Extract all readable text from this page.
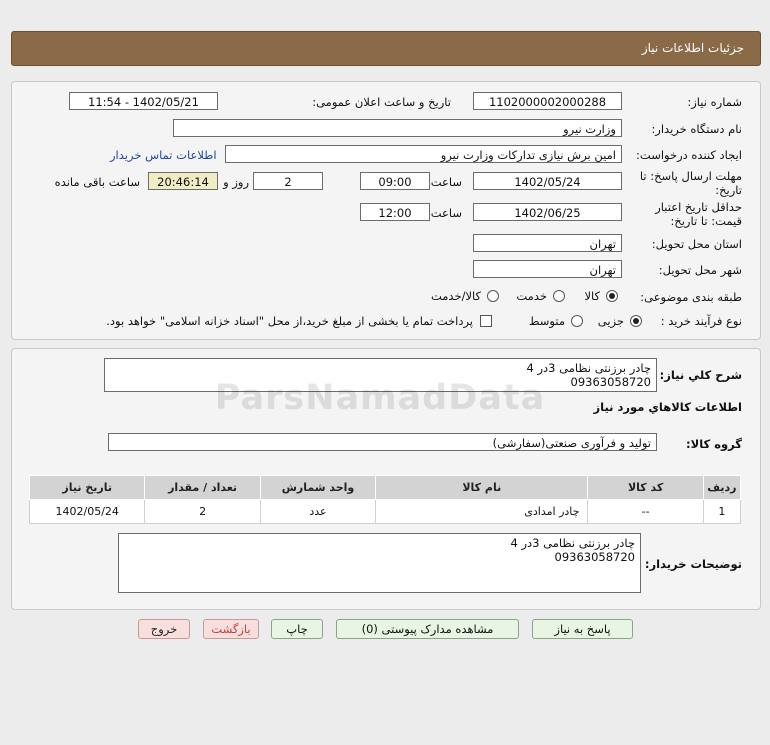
جزئیات اطلاعات نیاز
شماره نیاز:
1102000002000288
تاریخ و ساعت اعلان عمومی:
1402/05/21 - 11:54
نام دستگاه خریدار:
وزارت نیرو
ایجاد کننده درخواست:
امین برش نیازی تدارکات وزارت نیرو
اطلاعات تماس خریدار
مهلت ارسال پاسخ: تا
تاریخ:
1402/05/24
ساعت
09:00
2
روز و
20:46:14
ساعت باقی مانده
حداقل تاریخ اعتبار
قیمت: تا تاریخ:
1402/06/25
ساعت
12:00
استان محل تحویل:
تهران
شهر محل تحویل:
تهران
طبقه بندی موضوعی:
کالا
خدمت
کالا/خدمت
نوع فرآیند خرید :
جزیی
متوسط
پرداخت تمام یا بخشی از مبلغ خرید،از محل "اسناد خزانه اسلامی" خواهد بود.
شرح كلي نياز:
چادر برزنتی نظامی 3در 4
09363058720
اطلاعات كالاهاي مورد نياز
گروه كالا:
تولید و فرآوری صنعتی(سفارشی)
ParsNamadData
ردیف	کد کالا	نام کالا	واحد شمارش	تعداد / مقدار	تاریخ نیاز
1	--	چادر امدادی	عدد	2	1402/05/24
توضیحات خریدار:
چادر برزنتی نظامی 3در 4
09363058720
پاسخ به نیاز
مشاهده مدارک پیوستی (0)
چاپ
بازگشت
خروج
